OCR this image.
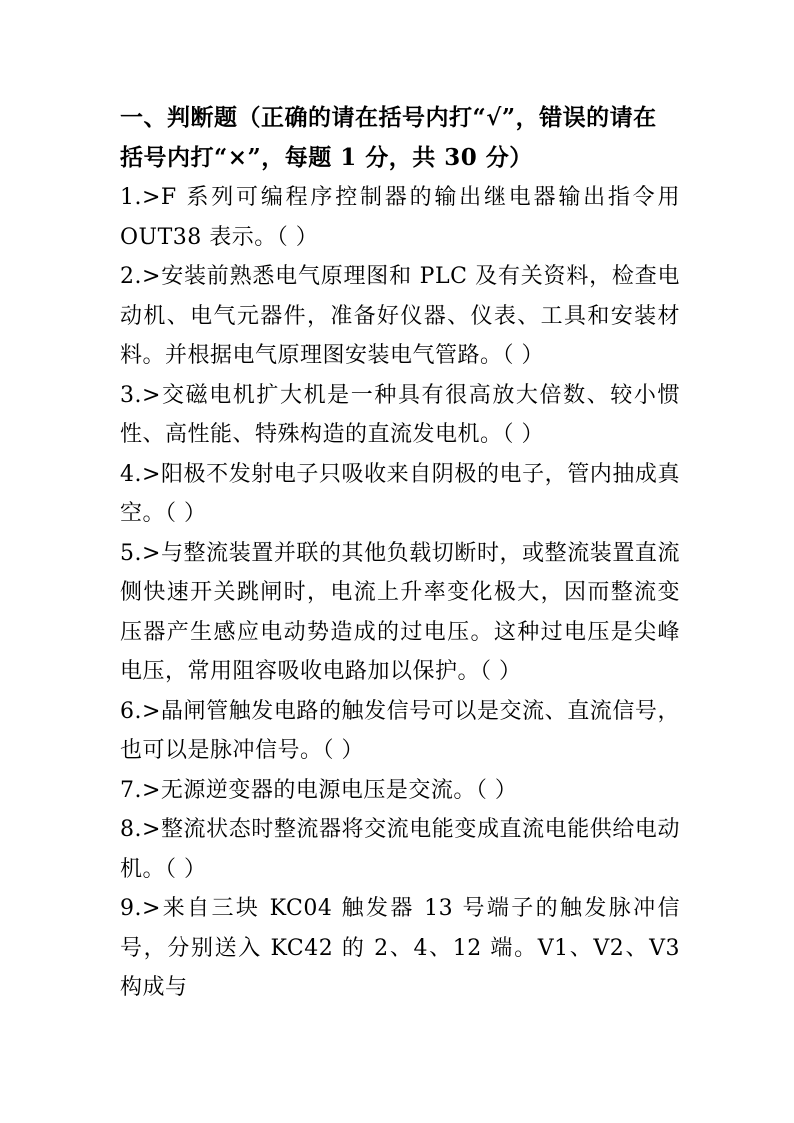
一、判断题（正确的请在括号内打“√”，错误的请在括号内打“×”，每题 1 分，共 30 分）

1.>F 系列可编程序控制器的输出继电器输出指令用 OUT38 表示。（ ）

2.>安装前熟悉电气原理图和 PLC 及有关资料，检查电动机、电气元器件，准备好仪器、仪表、工具和安装材料。并根据电气原理图安装电气管路。（ ）

3.>交磁电机扩大机是一种具有很高放大倍数、较小惯性、高性能、特殊构造的直流发电机。（ ）

4.>阳极不发射电子只吸收来自阴极的电子，管内抽成真空。（ ）

5.>与整流装置并联的其他负载切断时，或整流装置直流侧快速开关跳闸时，电流上升率变化极大，因而整流变压器产生感应电动势造成的过电压。这种过电压是尖峰电压，常用阻容吸收电路加以保护。（ ）

6.>晶闸管触发电路的触发信号可以是交流、直流信号，也可以是脉冲信号。（ ）

7.>无源逆变器的电源电压是交流。（ ）

8.>整流状态时整流器将交流电能变成直流电能供给电动机。（ ）

9.>来自三块 KC04 触发器 13 号端子的触发脉冲信号，分别送入 KC42 的 2、4、12 端。V1、V2、V3 构成与
